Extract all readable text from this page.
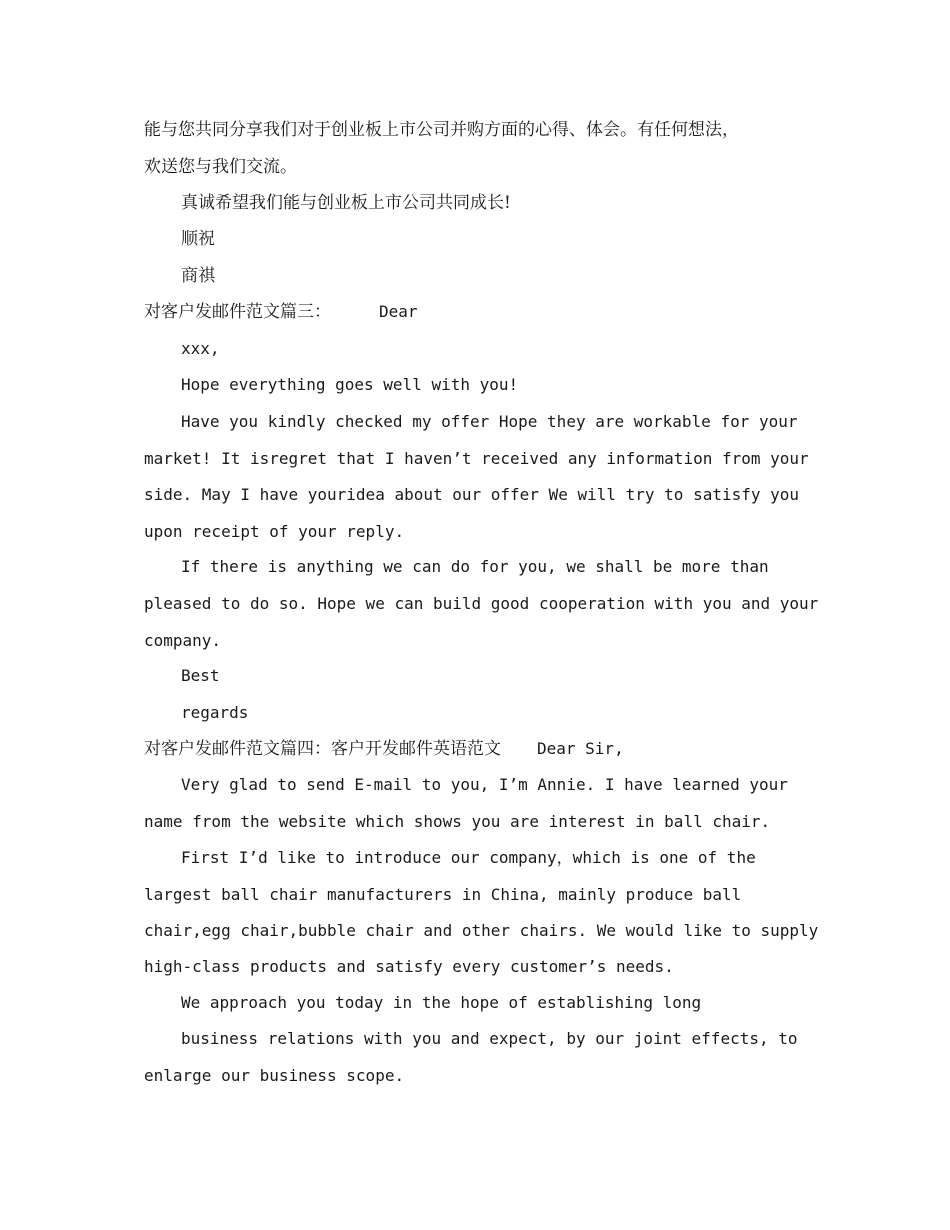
能与您共同分享我们对于创业板上市公司并购方面的心得、体会。有任何想法，
欢送您与我们交流。
真诚希望我们能与创业板上市公司共同成长!
顺祝
商祺
对客户发邮件范文篇三：	Dear
xxx,
Hope everything goes well with you!
Have you kindly checked my offer Hope they are workable for your
market! It isregret that I haven’t received any information from your
side. May I have youridea about our offer We will try to satisfy you
upon receipt of your reply.
If there is anything we can do for you, we shall be more than
pleased to do so. Hope we can build good cooperation with you and your
company.
Best
regards
对客户发邮件范文篇四：客户开发邮件英语范文 Dear Sir,
Very glad to send E-mail to you, I’m Annie. I have learned your
name from the website which shows you are interest in ball chair.
First I’d like to introduce our company，which is one of the
largest ball chair manufacturers in China, mainly produce ball
chair,egg chair,bubble chair and other chairs. We would like to supply
high-class products and satisfy every customer’s needs.
We approach you today in the hope of establishing long
business relations with you and expect, by our joint effects, to
enlarge our business scope.
